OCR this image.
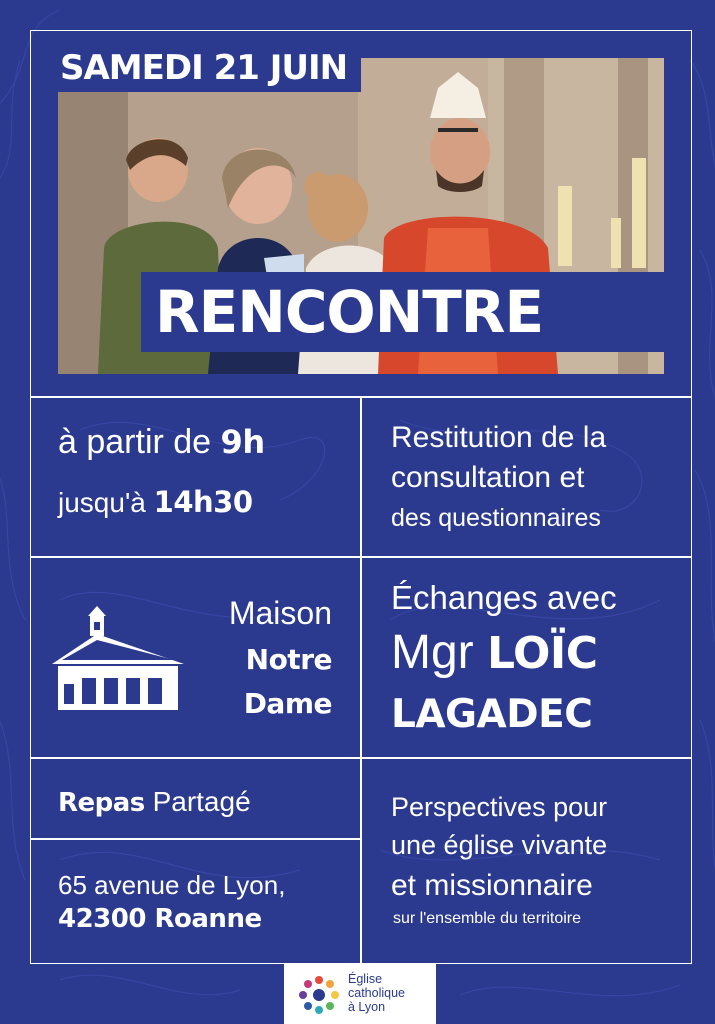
SAMEDI 21 JUIN
RENCONTRE
à partir de 9h
jusqu'à 14h30
Restitution de la
consultation et
des questionnaires
Maison
Notre
Dame
Échanges avec
Mgr LOÏC
LAGADEC
Repas Partagé
65 avenue de Lyon,
42300 Roanne
Perspectives pour
une église vivante
et missionnaire
sur l'ensemble du territoire
Église
catholique
à Lyon
